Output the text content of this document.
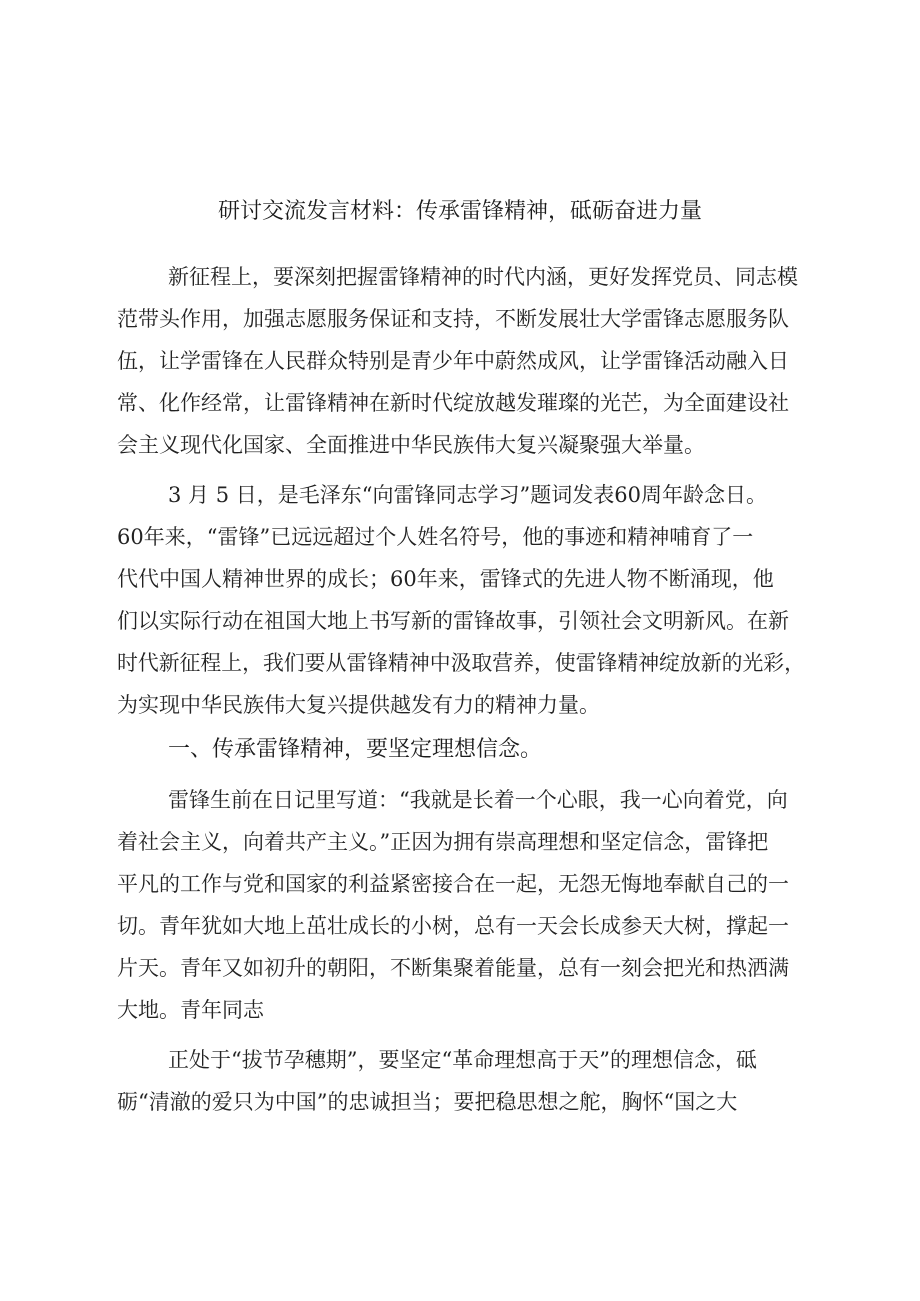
研讨交流发言材料：传承雷锋精神，砥砺奋进力量
新征程上，要深刻把握雷锋精神的时代内涵，更好发挥党员、同志模
范带头作用，加强志愿服务保证和支持，不断发展壮大学雷锋志愿服务队
伍，让学雷锋在人民群众特别是青少年中蔚然成风，让学雷锋活动融入日
常、化作经常，让雷锋精神在新时代绽放越发璀璨的光芒，为全面建设社
会主义现代化国家、全面推进中华民族伟大复兴凝聚强大举量。
3 月 5 日，是毛泽东“向雷锋同志学习”题词发表60周年龄念日。
60年来，“雷锋”已远远超过个人姓名符号，他的事迹和精神哺育了一
代代中国人精神世界的成长；60年来，雷锋式的先进人物不断涌现，他
们以实际行动在祖国大地上书写新的雷锋故事，引领社会文明新风。在新
时代新征程上，我们要从雷锋精神中汲取营养，使雷锋精神绽放新的光彩，
为实现中华民族伟大复兴提供越发有力的精神力量。
一、传承雷锋精神，要坚定理想信念。
雷锋生前在日记里写道：“我就是长着一个心眼，我一心向着党，向
着社会主义，向着共产主义。”正因为拥有崇高理想和坚定信念，雷锋把
平凡的工作与党和国家的利益紧密接合在一起，无怨无悔地奉献自己的一
切。青年犹如大地上茁壮成长的小树，总有一天会长成参天大树，撑起一
片天。青年又如初升的朝阳，不断集聚着能量，总有一刻会把光和热洒满
大地。青年同志
正处于“拔节孕穗期”，要坚定“革命理想高于天”的理想信念，砥
砺“清澈的爱只为中国”的忠诚担当；要把稳思想之舵，胸怀“国之大
